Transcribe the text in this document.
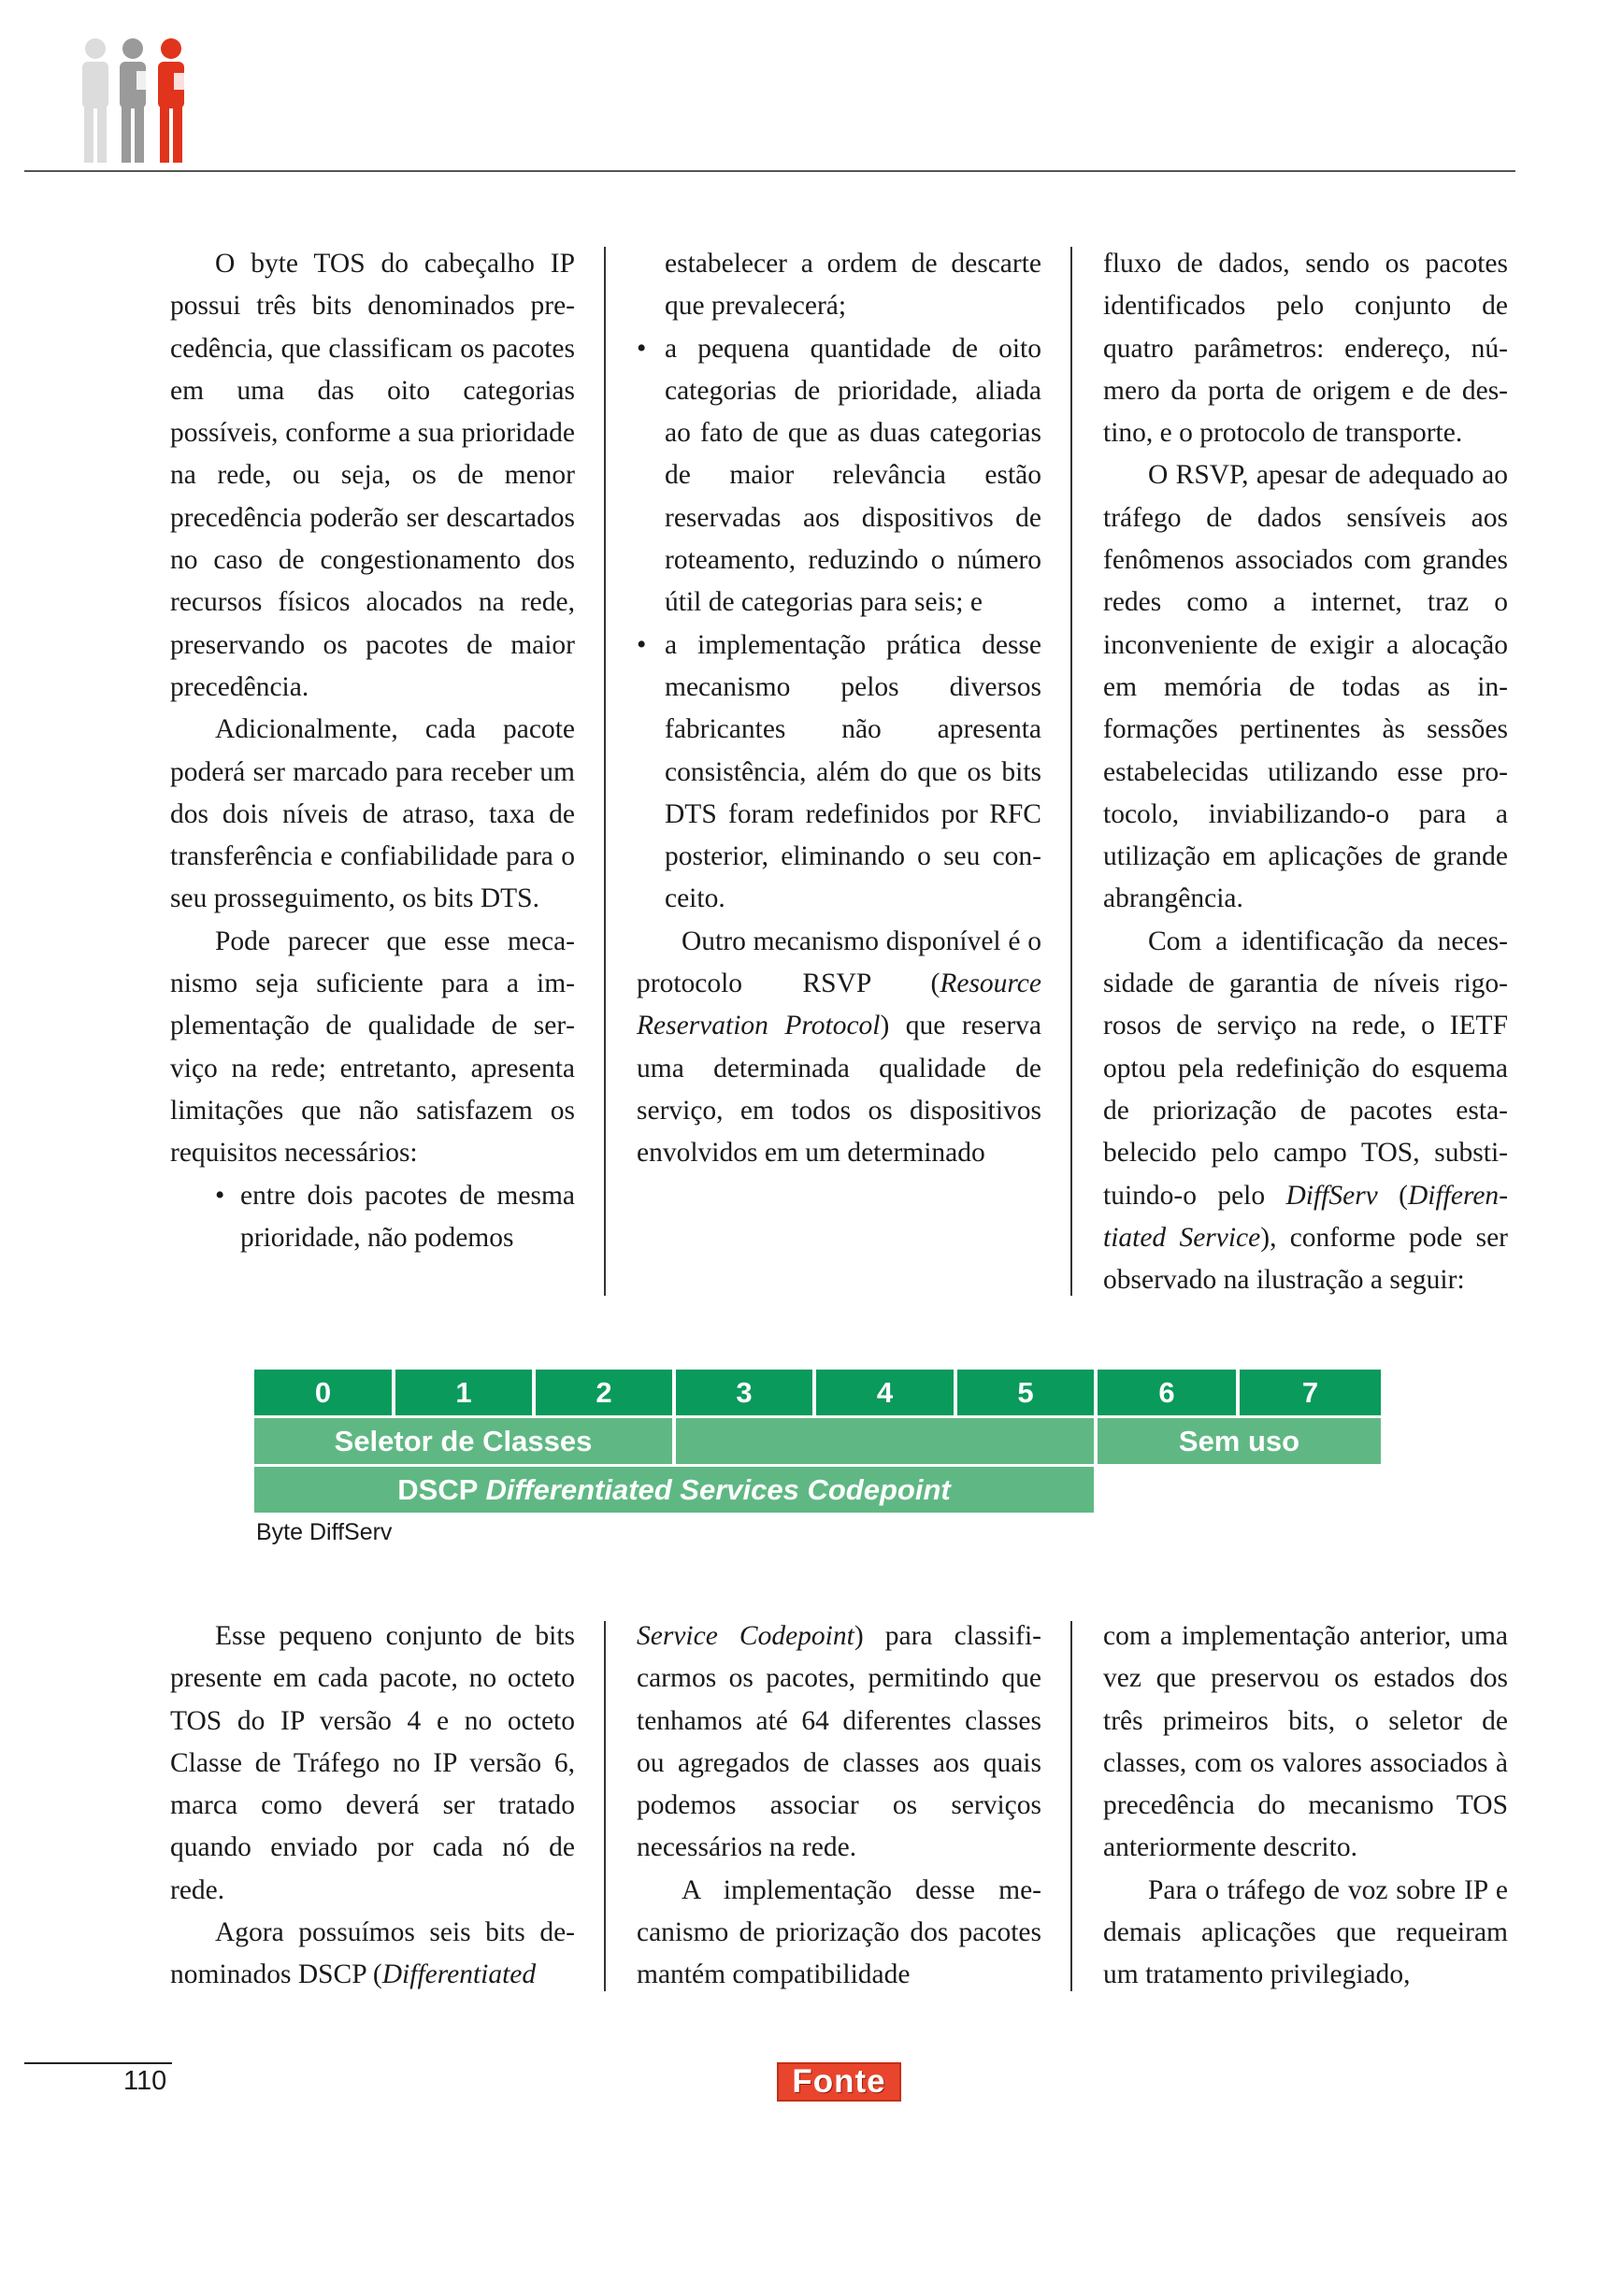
O byte TOS do cabeçalho IP possui três bits denominados precedência, que classificam os pacotes em uma das oito categorias possíveis, conforme a sua prioridade na rede, ou seja, os de menor precedência poderão ser descartados no caso de congestionamento dos recursos físicos alocados na rede, preservando os pacotes de maior precedência.

Adicionalmente, cada pacote poderá ser marcado para receber um dos dois níveis de atraso, taxa de transferência e confiabilidade para o seu prosseguimento, os bits DTS.

Pode parecer que esse mecanismo seja suficiente para a implementação de qualidade de serviço na rede; entretanto, apresenta limitações que não satisfazem os requisitos necessários:

• entre dois pacotes de mesma prioridade, não podemos
estabelecer a ordem de descarte que prevalecerá;
• a pequena quantidade de oito categorias de prioridade, aliada ao fato de que as duas categorias de maior relevância estão reservadas aos dispositivos de roteamento, reduzindo o número útil de categorias para seis; e
• a implementação prática desse mecanismo pelos diversos fabricantes não apresenta consistência, além do que os bits DTS foram redefinidos por RFC posterior, eliminando o seu conceito.

Outro mecanismo disponível é o protocolo RSVP (Resource Reservation Protocol) que reserva uma determinada qualidade de serviço, em todos os dispositivos envolvidos em um determinado

fluxo de dados, sendo os pacotes identificados pelo conjunto de quatro parâmetros: endereço, número da porta de origem e de destino, e o protocolo de transporte.

O RSVP, apesar de adequado ao tráfego de dados sensíveis aos fenômenos associados com grandes redes como a internet, traz o inconveniente de exigir a alocação em memória de todas as informações pertinentes às sessões estabelecidas utilizando esse protocolo, inviabilizando-o para a utilização em aplicações de grande abrangência.

Com a identificação da necessidade de garantia de níveis rigorosos de serviço na rede, o IETF optou pela redefinição do esquema de priorização de pacotes estabelecido pelo campo TOS, substituindo-o pelo DiffServ (Differentiated Service), conforme pode ser observado na ilustração a seguir:

0	1	2	3	4	5	6	7
Seletor de Classes	Sem uso
DSCP Differentiated Services Codepoint
Byte DiffServ

Esse pequeno conjunto de bits presente em cada pacote, no octeto TOS do IP versão 4 e no octeto Classe de Tráfego no IP versão 6, marca como deverá ser tratado quando enviado por cada nó de rede.

Agora possuímos seis bits denominados DSCP (Differentiated

Service Codepoint) para classificarmos os pacotes, permitindo que tenhamos até 64 diferentes classes ou agregados de classes aos quais podemos associar os serviços necessários na rede.

A implementação desse mecanismo de priorização dos pacotes mantém compatibilidade

com a implementação anterior, uma vez que preservou os estados dos três primeiros bits, o seletor de classes, com os valores associados à precedência do mecanismo TOS anteriormente descrito.

Para o tráfego de voz sobre IP e demais aplicações que requeiram um tratamento privilegiado,

110	Fonte
